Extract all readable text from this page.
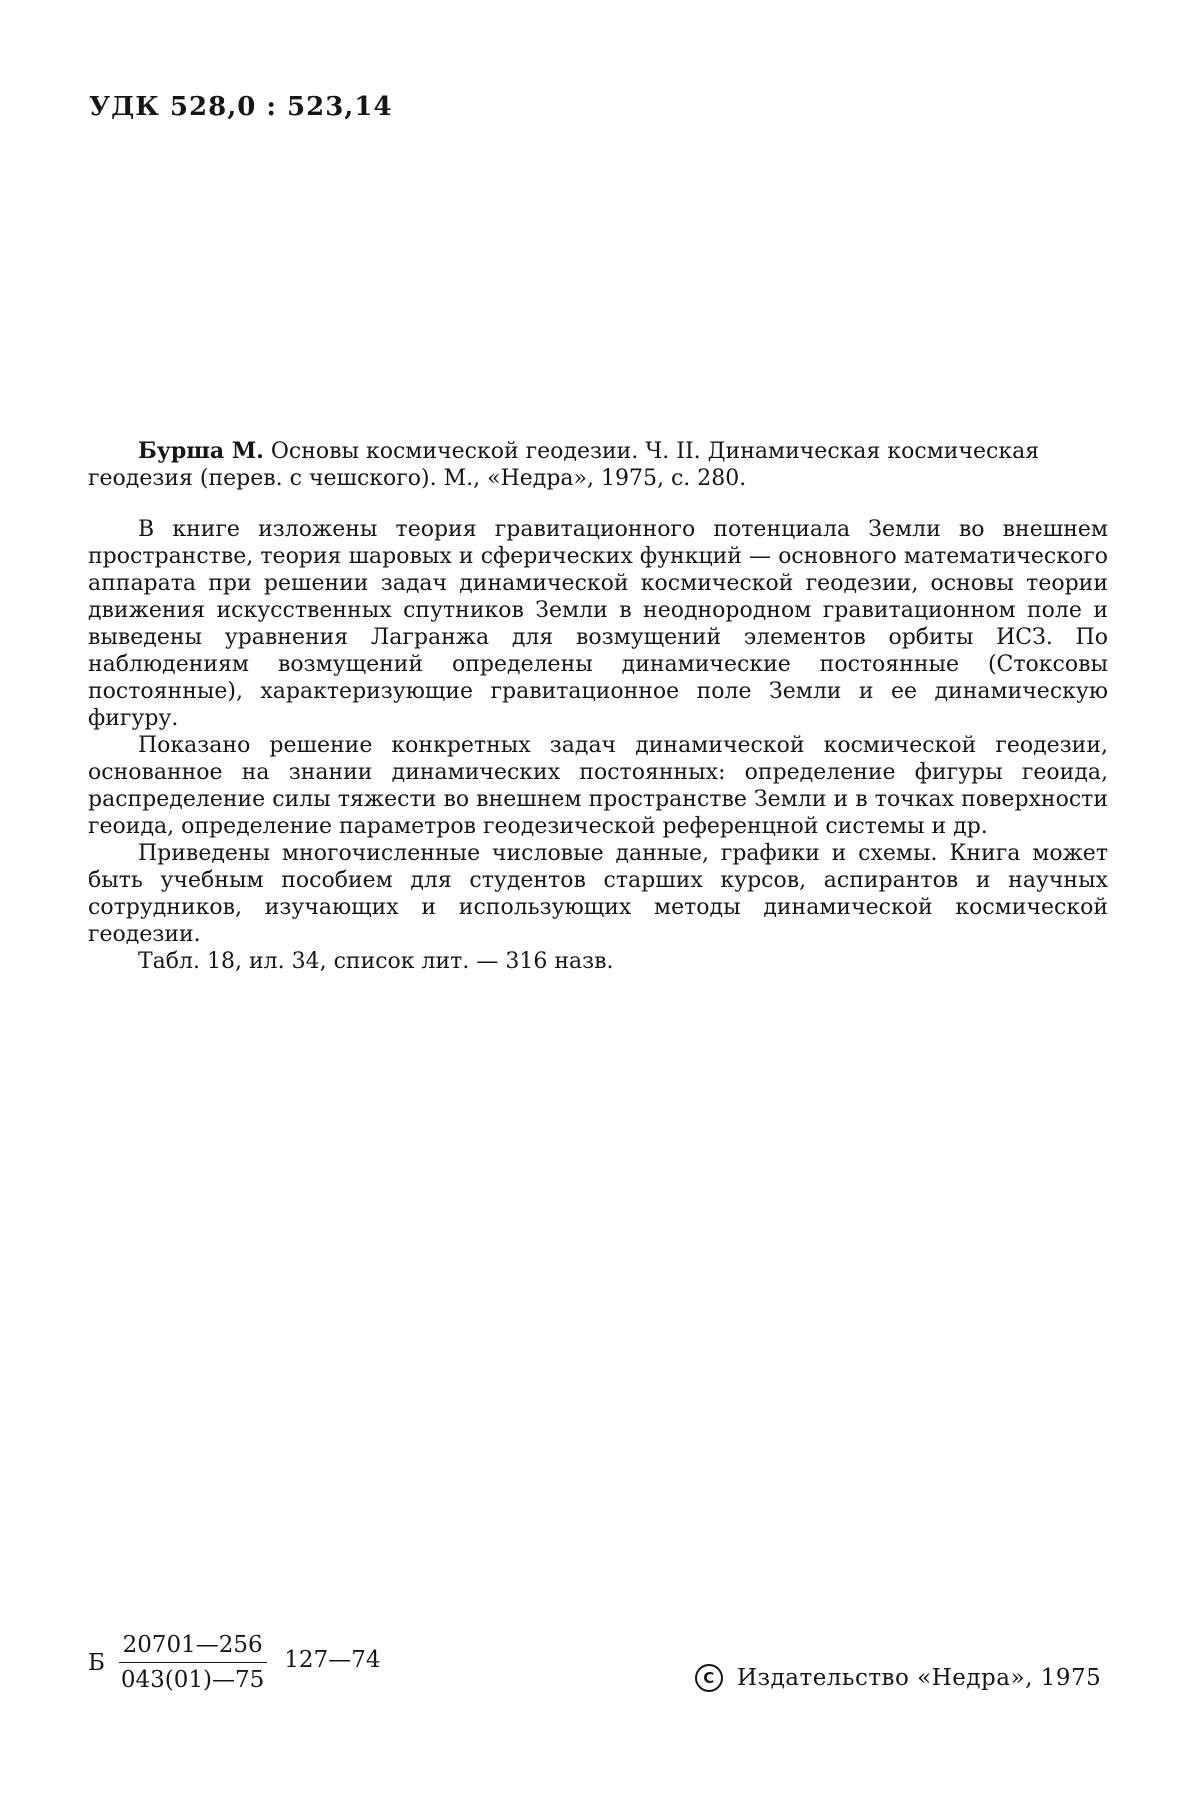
УДК 528,0 : 523,14

Бурша М. Основы космической геодезии. Ч. II. Динамическая космическая геодезия (перев. с чешского). М., «Недра», 1975, с. 280.

В книге изложены теория гравитационного потенциала Земли во внешнем пространстве, теория шаровых и сферических функций — основного математического аппарата при решении задач динамической космической геодезии, основы теории движения искусственных спутников Земли в неоднородном гравитационном поле и выведены уравнения Лагранжа для возмущений элементов орбиты ИСЗ. По наблюдениям возмущений определены динамические постоянные (Стоксовы постоянные), характеризующие гравитационное поле Земли и ее динамическую фигуру.

Показано решение конкретных задач динамической космической геодезии, основанное на знании динамических постоянных: определение фигуры геоида, распределение силы тяжести во внешнем пространстве Земли и в точках поверхности геоида, определение параметров геодезической референцной системы и др.

Приведены многочисленные числовые данные, графики и схемы. Книга может быть учебным пособием для студентов старших курсов, аспирантов и научных сотрудников, изучающих и использующих методы динамической космической геодезии.

Табл. 18, ил. 34, список лит. — 316 назв.

Б $\frac{20701—256}{043(01)—75}$ 127—74
C Издательство «Недра», 1975
